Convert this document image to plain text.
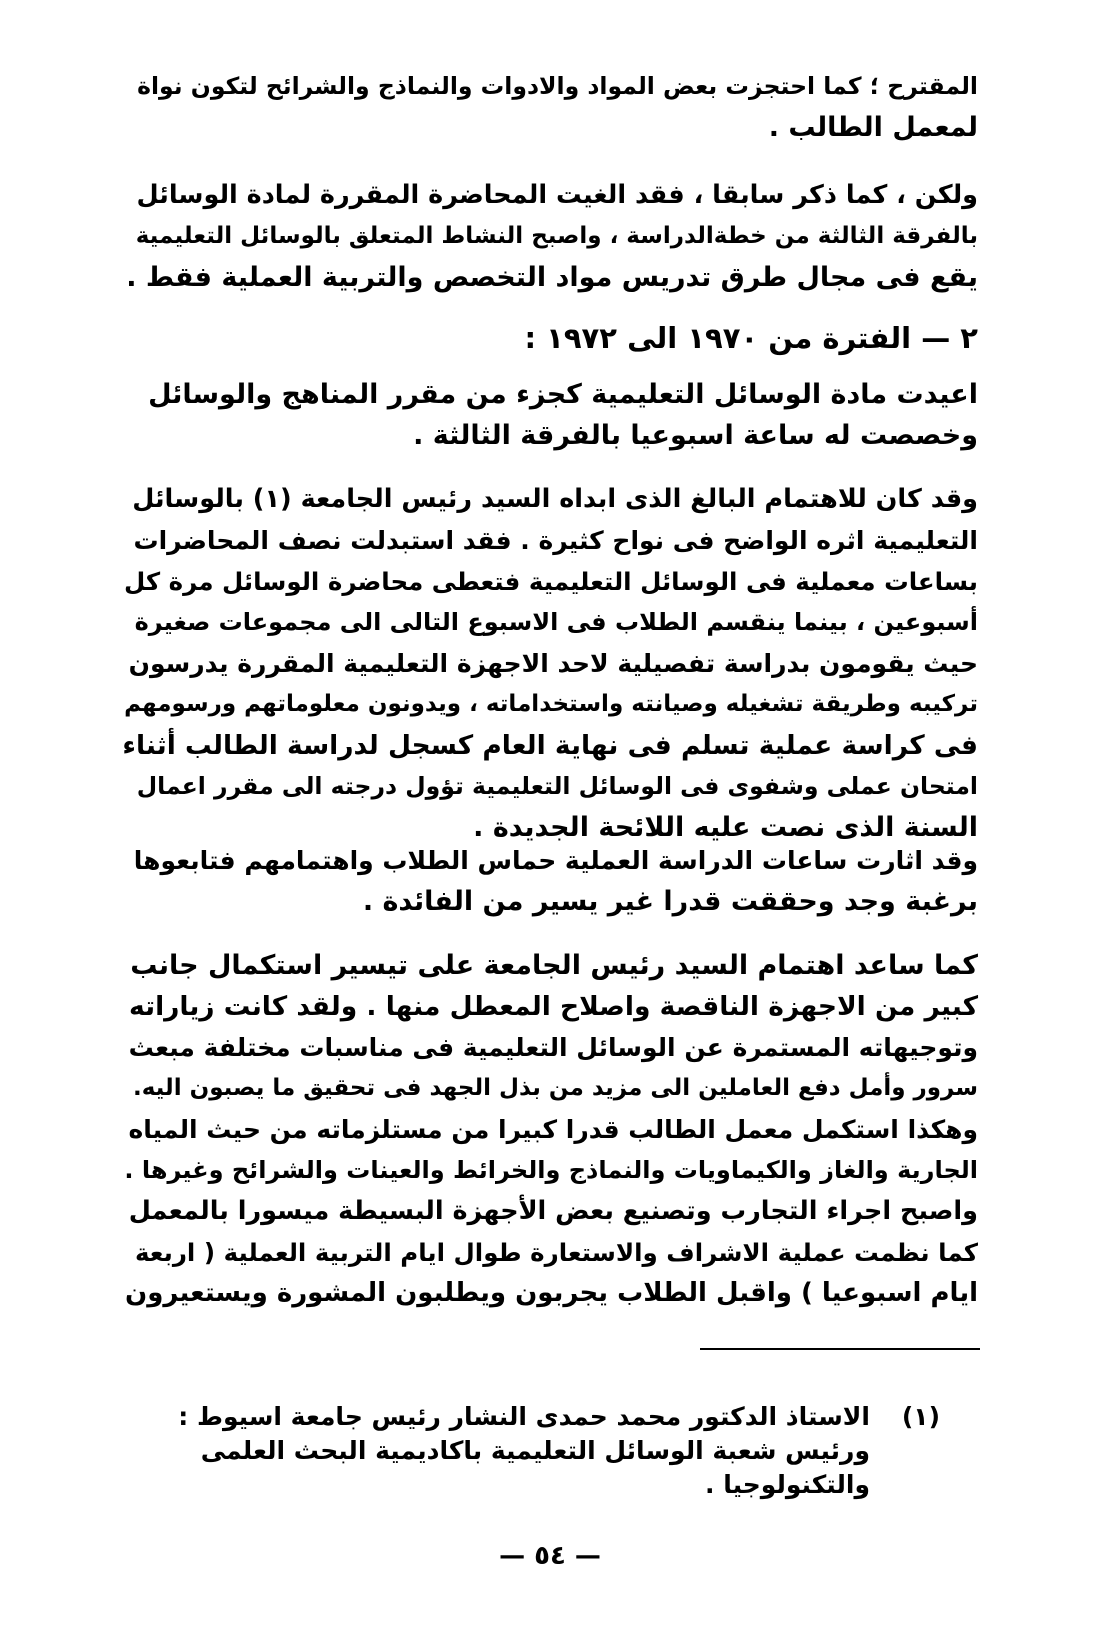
المقترح ؛ كما احتجزت بعض المواد والادوات والنماذج والشرائح لتكون نواة
لمعمل الطالب .

ولكن ، كما ذكر سابقا ، فقد الغيت المحاضرة المقررة لمادة الوسائل
بالفرقة الثالثة من خطةالدراسة ، واصبح النشاط المتعلق بالوسائل التعليمية
يقع فى مجال طرق تدريس مواد التخصص والتربية العملية فقط .

٢ — الفترة من ١٩٧٠ الى ١٩٧٢ :

اعيدت مادة الوسائل التعليمية كجزء من مقرر المناهج والوسائل
وخصصت له ساعة اسبوعيا بالفرقة الثالثة .

وقد كان للاهتمام البالغ الذى ابداه السيد رئيس الجامعة (١) بالوسائل
التعليمية اثره الواضح فى نواح كثيرة . فقد استبدلت نصف المحاضرات
بساعات معملية فى الوسائل التعليمية فتعطى محاضرة الوسائل مرة كل
أسبوعين ، بينما ينقسم الطلاب فى الاسبوع التالى الى مجموعات صغيرة
حيث يقومون بدراسة تفصيلية لاحد الاجهزة التعليمية المقررة يدرسون
تركيبه وطريقة تشغيله وصيانته واستخداماته ، ويدونون معلوماتهم ورسومهم
فى كراسة عملية تسلم فى نهاية العام كسجل لدراسة الطالب أثناء
امتحان عملى وشفوى فى الوسائل التعليمية تؤول درجته الى مقرر اعمال
السنة الذى نصت عليه اللائحة الجديدة .

وقد اثارت ساعات الدراسة العملية حماس الطلاب واهتمامهم فتابعوها
برغبة وجد وحققت قدرا غير يسير من الفائدة .

كما ساعد اهتمام السيد رئيس الجامعة على تيسير استكمال جانب
كبير من الاجهزة الناقصة واصلاح المعطل منها . ولقد كانت زياراته
وتوجيهاته المستمرة عن الوسائل التعليمية فى مناسبات مختلفة مبعث
سرور وأمل دفع العاملين الى مزيد من بذل الجهد فى تحقيق ما يصبون اليه.
وهكذا استكمل معمل الطالب قدرا كبيرا من مستلزماته من حيث المياه
الجارية والغاز والكيماويات والنماذج والخرائط والعينات والشرائح وغيرها .
واصبح اجراء التجارب وتصنيع بعض الأجهزة البسيطة ميسورا بالمعمل
كما نظمت عملية الاشراف والاستعارة طوال ايام التربية العملية ( اربعة
ايام اسبوعيا ) واقبل الطلاب يجربون ويطلبون المشورة ويستعيرون

(١)
الاستاذ الدكتور محمد حمدى النشار رئيس جامعة اسيوط :
ورئيس شعبة الوسائل التعليمية باكاديمية البحث العلمى
والتكنولوجيا .
— ٥٤ —
